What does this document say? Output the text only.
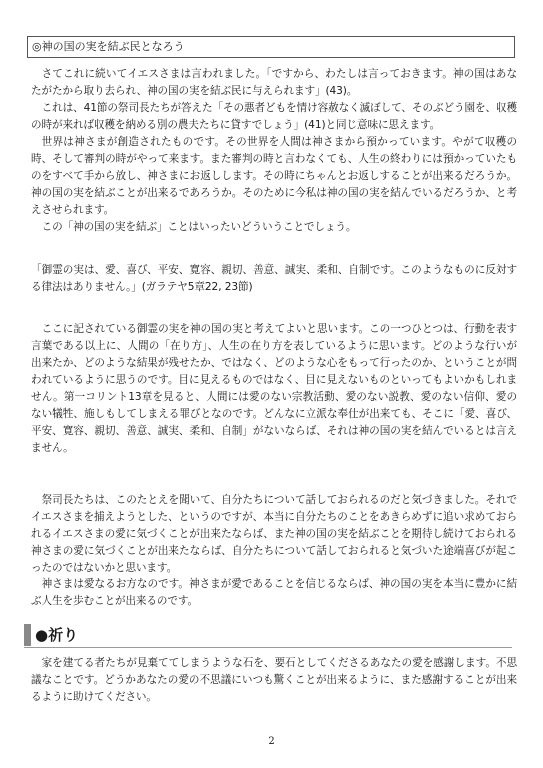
◎神の国の実を結ぶ民となろう

さてこれに続いてイエスさまは言われました。「ですから、わたしは言っておきます。神の国はあなたがたから取り去られ、神の国の実を結ぶ民に与えられます」(43)。

これは、41節の祭司長たちが答えた「その悪者どもを情け容赦なく滅ぼして、そのぶどう園を、収穫の時が来れば収穫を納める別の農夫たちに貸すでしょう」(41)と同じ意味に思えます。

世界は神さまが創造されたものです。その世界を人間は神さまから預かっています。やがて収穫の時、そして審判の時がやって来ます。また審判の時と言わなくても、人生の終わりには預かっていたものをすべて手から放し、神さまにお返しします。その時にちゃんとお返しすることが出来るだろうか。神の国の実を結ぶことが出来るであろうか。そのために今私は神の国の実を結んでいるだろうか、と考えさせられます。

この「神の国の実を結ぶ」ことはいったいどういうことでしょう。

「御霊の実は、愛、喜び、平安、寛容、親切、善意、誠実、柔和、自制です。このようなものに反対する律法はありません。」(ガラテヤ5章22, 23節)

ここに記されている御霊の実を神の国の実と考えてよいと思います。この一つひとつは、行動を表す言葉である以上に、人間の「在り方」、人生の在り方を表しているように思います。どのような行いが出来たか、どのような結果が残せたか、ではなく、どのような心をもって行ったのか、ということが問われているように思うのです。目に見えるものではなく、目に見えないものといってもよいかもしれません。第一コリント13章を見ると、人間には愛のない宗教活動、愛のない説教、愛のない信仰、愛のない犠牲、施しもしてしまえる罪びとなのです。どんなに立派な奉仕が出来ても、そこに「愛、喜び、平安、寛容、親切、善意、誠実、柔和、自制」がないならば、それは神の国の実を結んでいるとは言えません。

祭司長たちは、このたとえを聞いて、自分たちについて話しておられるのだと気づきました。それでイエスさまを捕えようとした、というのですが、本当に自分たちのことをあきらめずに追い求めておられるイエスさまの愛に気づくことが出来たならば、また神の国の実を結ぶことを期待し続けておられる神さまの愛に気づくことが出来たならば、自分たちについて話しておられると気づいた途端喜びが起こったのではないかと思います。

神さまは愛なるお方なのです。神さまが愛であることを信じるならば、神の国の実を本当に豊かに結ぶ人生を歩むことが出来るのです。

●祈り

家を建てる者たちが見棄ててしまうような石を、要石としてくださるあなたの愛を感謝します。不思議なことです。どうかあなたの愛の不思議にいつも驚くことが出来るように、また感謝することが出来るように助けてください。

2
